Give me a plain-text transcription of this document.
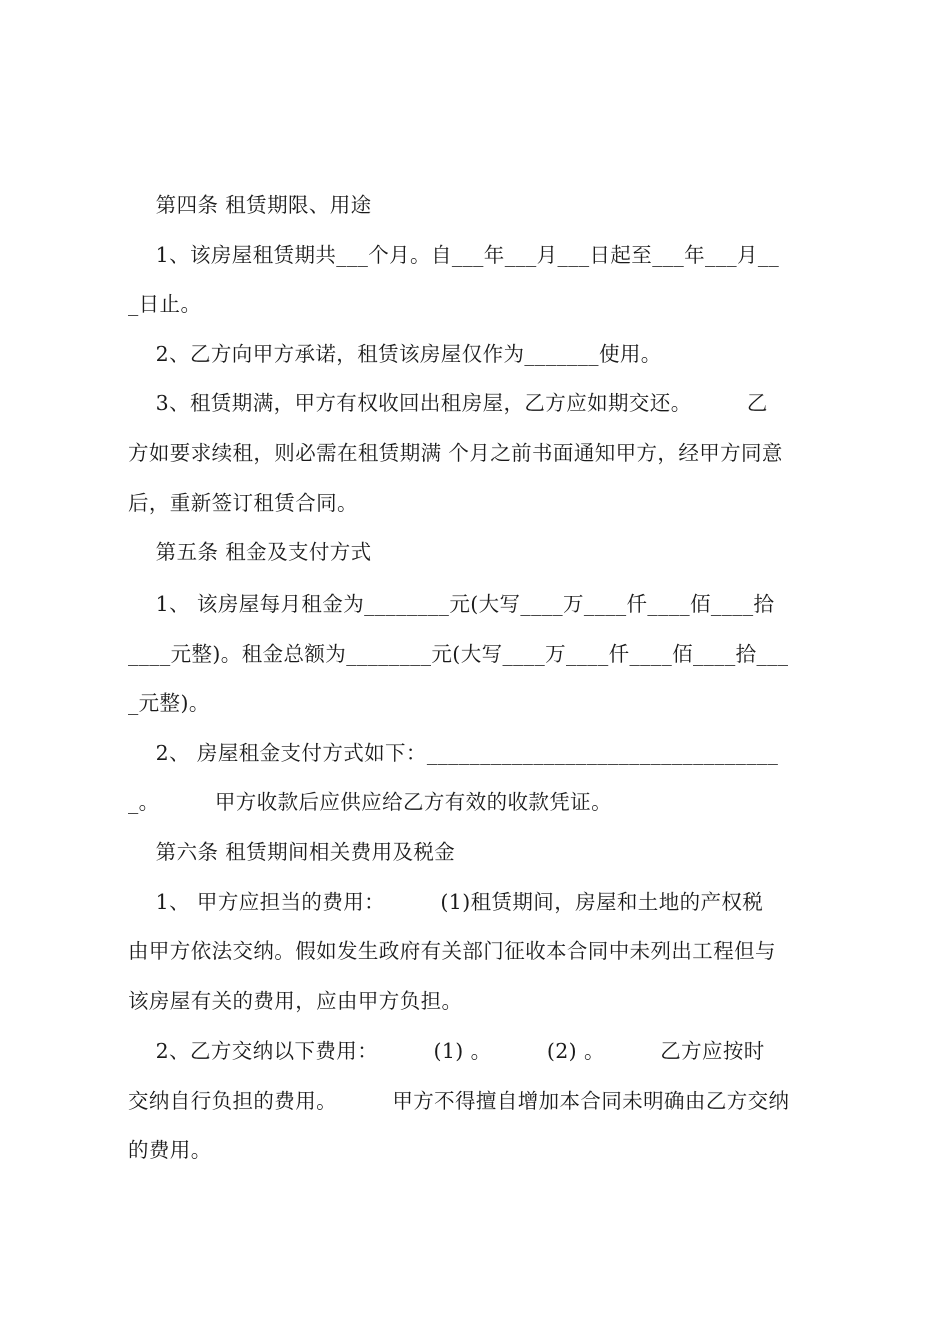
第四条 租赁期限、用途
1、该房屋租赁期共___个月。自___年___月___日起至___年___月__
_日止。
2、乙方向甲方承诺，租赁该房屋仅作为_______使用。
3、租赁期满，甲方有权收回出租房屋，乙方应如期交还。        乙
方如要求续租，则必需在租赁期满 个月之前书面通知甲方，经甲方同意
后，重新签订租赁合同。
第五条 租金及支付方式
1、 该房屋每月租金为________元(大写____万____仟____佰____拾
____元整)。租金总额为________元(大写____万____仟____佰____拾___
_元整)。
2、 房屋租金支付方式如下：_________________________________
_。        甲方收款后应供应给乙方有效的收款凭证。
第六条 租赁期间相关费用及税金
1、 甲方应担当的费用：        (1)租赁期间，房屋和土地的产权税
由甲方依法交纳。假如发生政府有关部门征收本合同中未列出工程但与
该房屋有关的费用，应由甲方负担。
2、乙方交纳以下费用：        (1) 。        (2) 。        乙方应按时
交纳自行负担的费用。        甲方不得擅自增加本合同未明确由乙方交纳
的费用。
